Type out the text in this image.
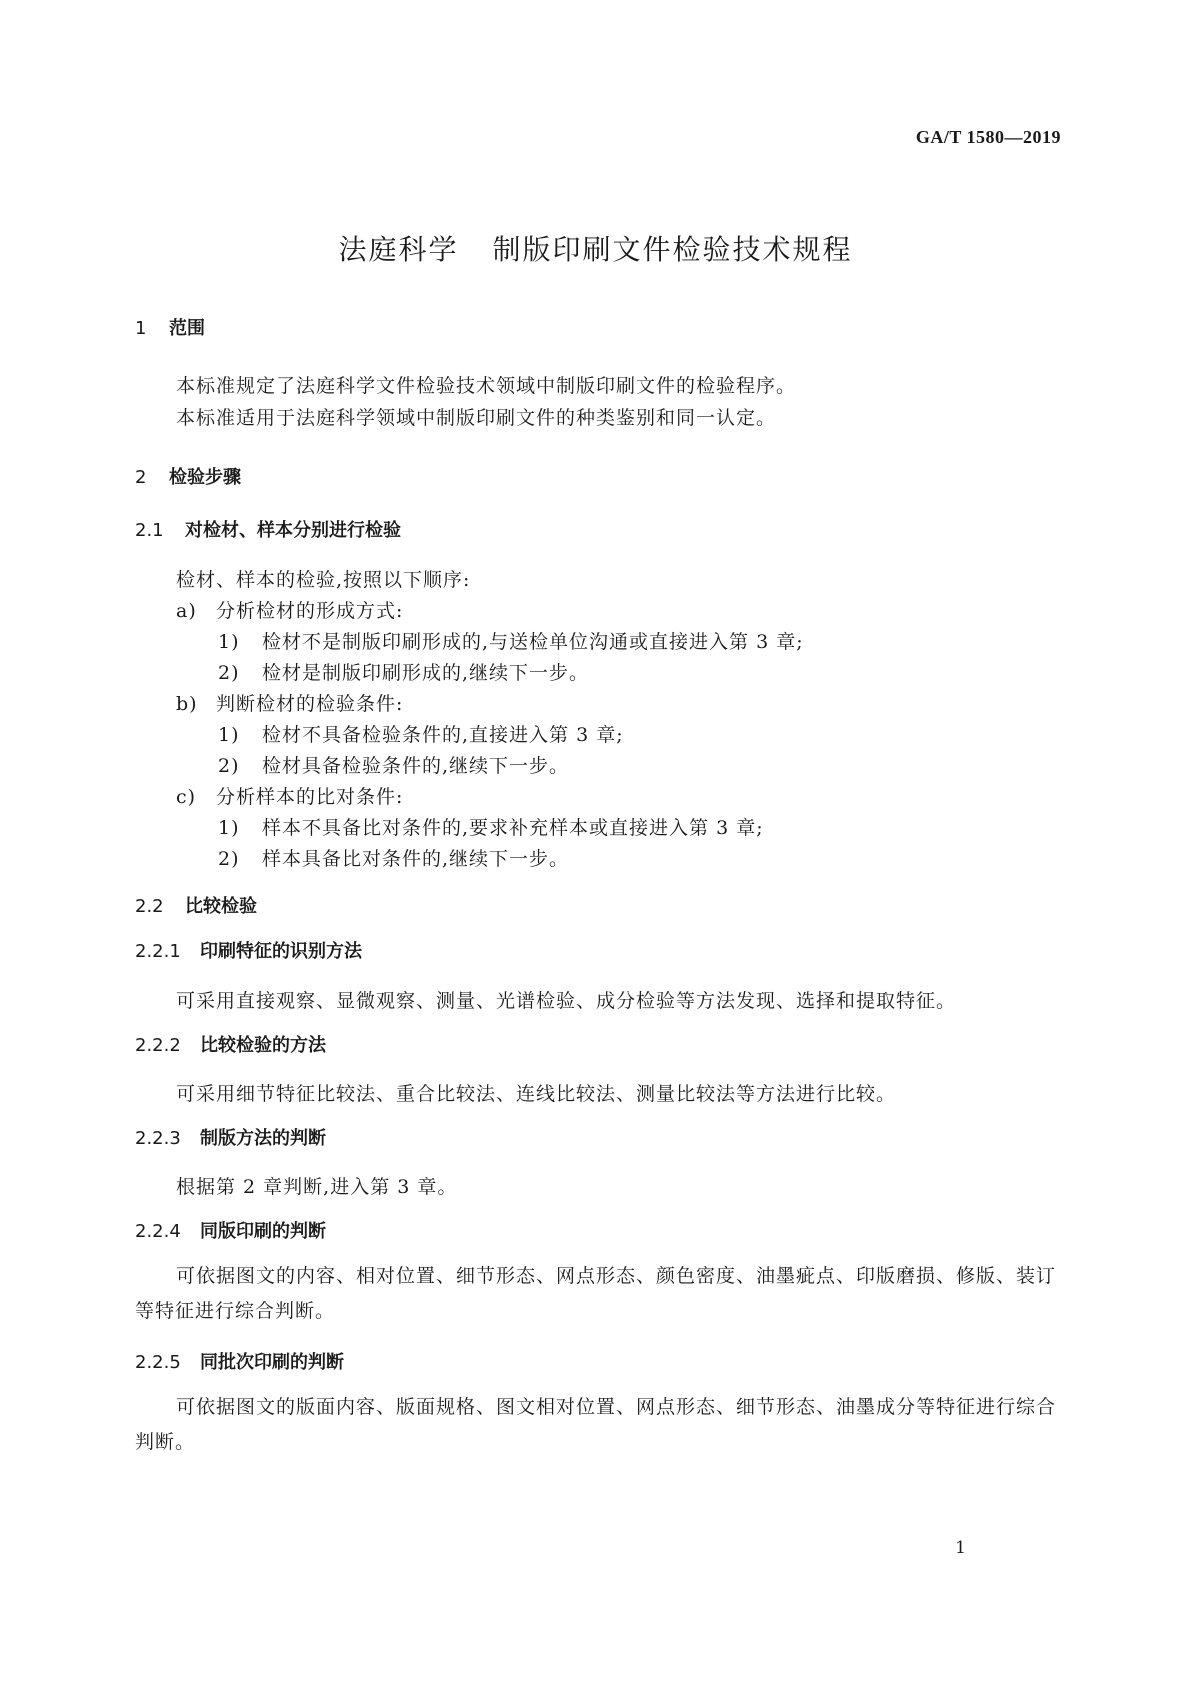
GA/T 1580—2019
法庭科学 制版印刷文件检验技术规程
1 范围
本标准规定了法庭科学文件检验技术领域中制版印刷文件的检验程序。
本标准适用于法庭科学领域中制版印刷文件的种类鉴别和同一认定。
2 检验步骤
2.1 对检材、样本分别进行检验
检材、样本的检验,按照以下顺序:
a) 分析检材的形成方式:
1) 检材不是制版印刷形成的,与送检单位沟通或直接进入第 3 章;
2) 检材是制版印刷形成的,继续下一步。
b) 判断检材的检验条件:
1) 检材不具备检验条件的,直接进入第 3 章;
2) 检材具备检验条件的,继续下一步。
c) 分析样本的比对条件:
1) 样本不具备比对条件的,要求补充样本或直接进入第 3 章;
2) 样本具备比对条件的,继续下一步。
2.2 比较检验
2.2.1 印刷特征的识别方法
可采用直接观察、显微观察、测量、光谱检验、成分检验等方法发现、选择和提取特征。
2.2.2 比较检验的方法
可采用细节特征比较法、重合比较法、连线比较法、测量比较法等方法进行比较。
2.2.3 制版方法的判断
根据第 2 章判断,进入第 3 章。
2.2.4 同版印刷的判断
可依据图文的内容、相对位置、细节形态、网点形态、颜色密度、油墨疵点、印版磨损、修版、装订等特征进行综合判断。
2.2.5 同批次印刷的判断
可依据图文的版面内容、版面规格、图文相对位置、网点形态、细节形态、油墨成分等特征进行综合判断。
1
